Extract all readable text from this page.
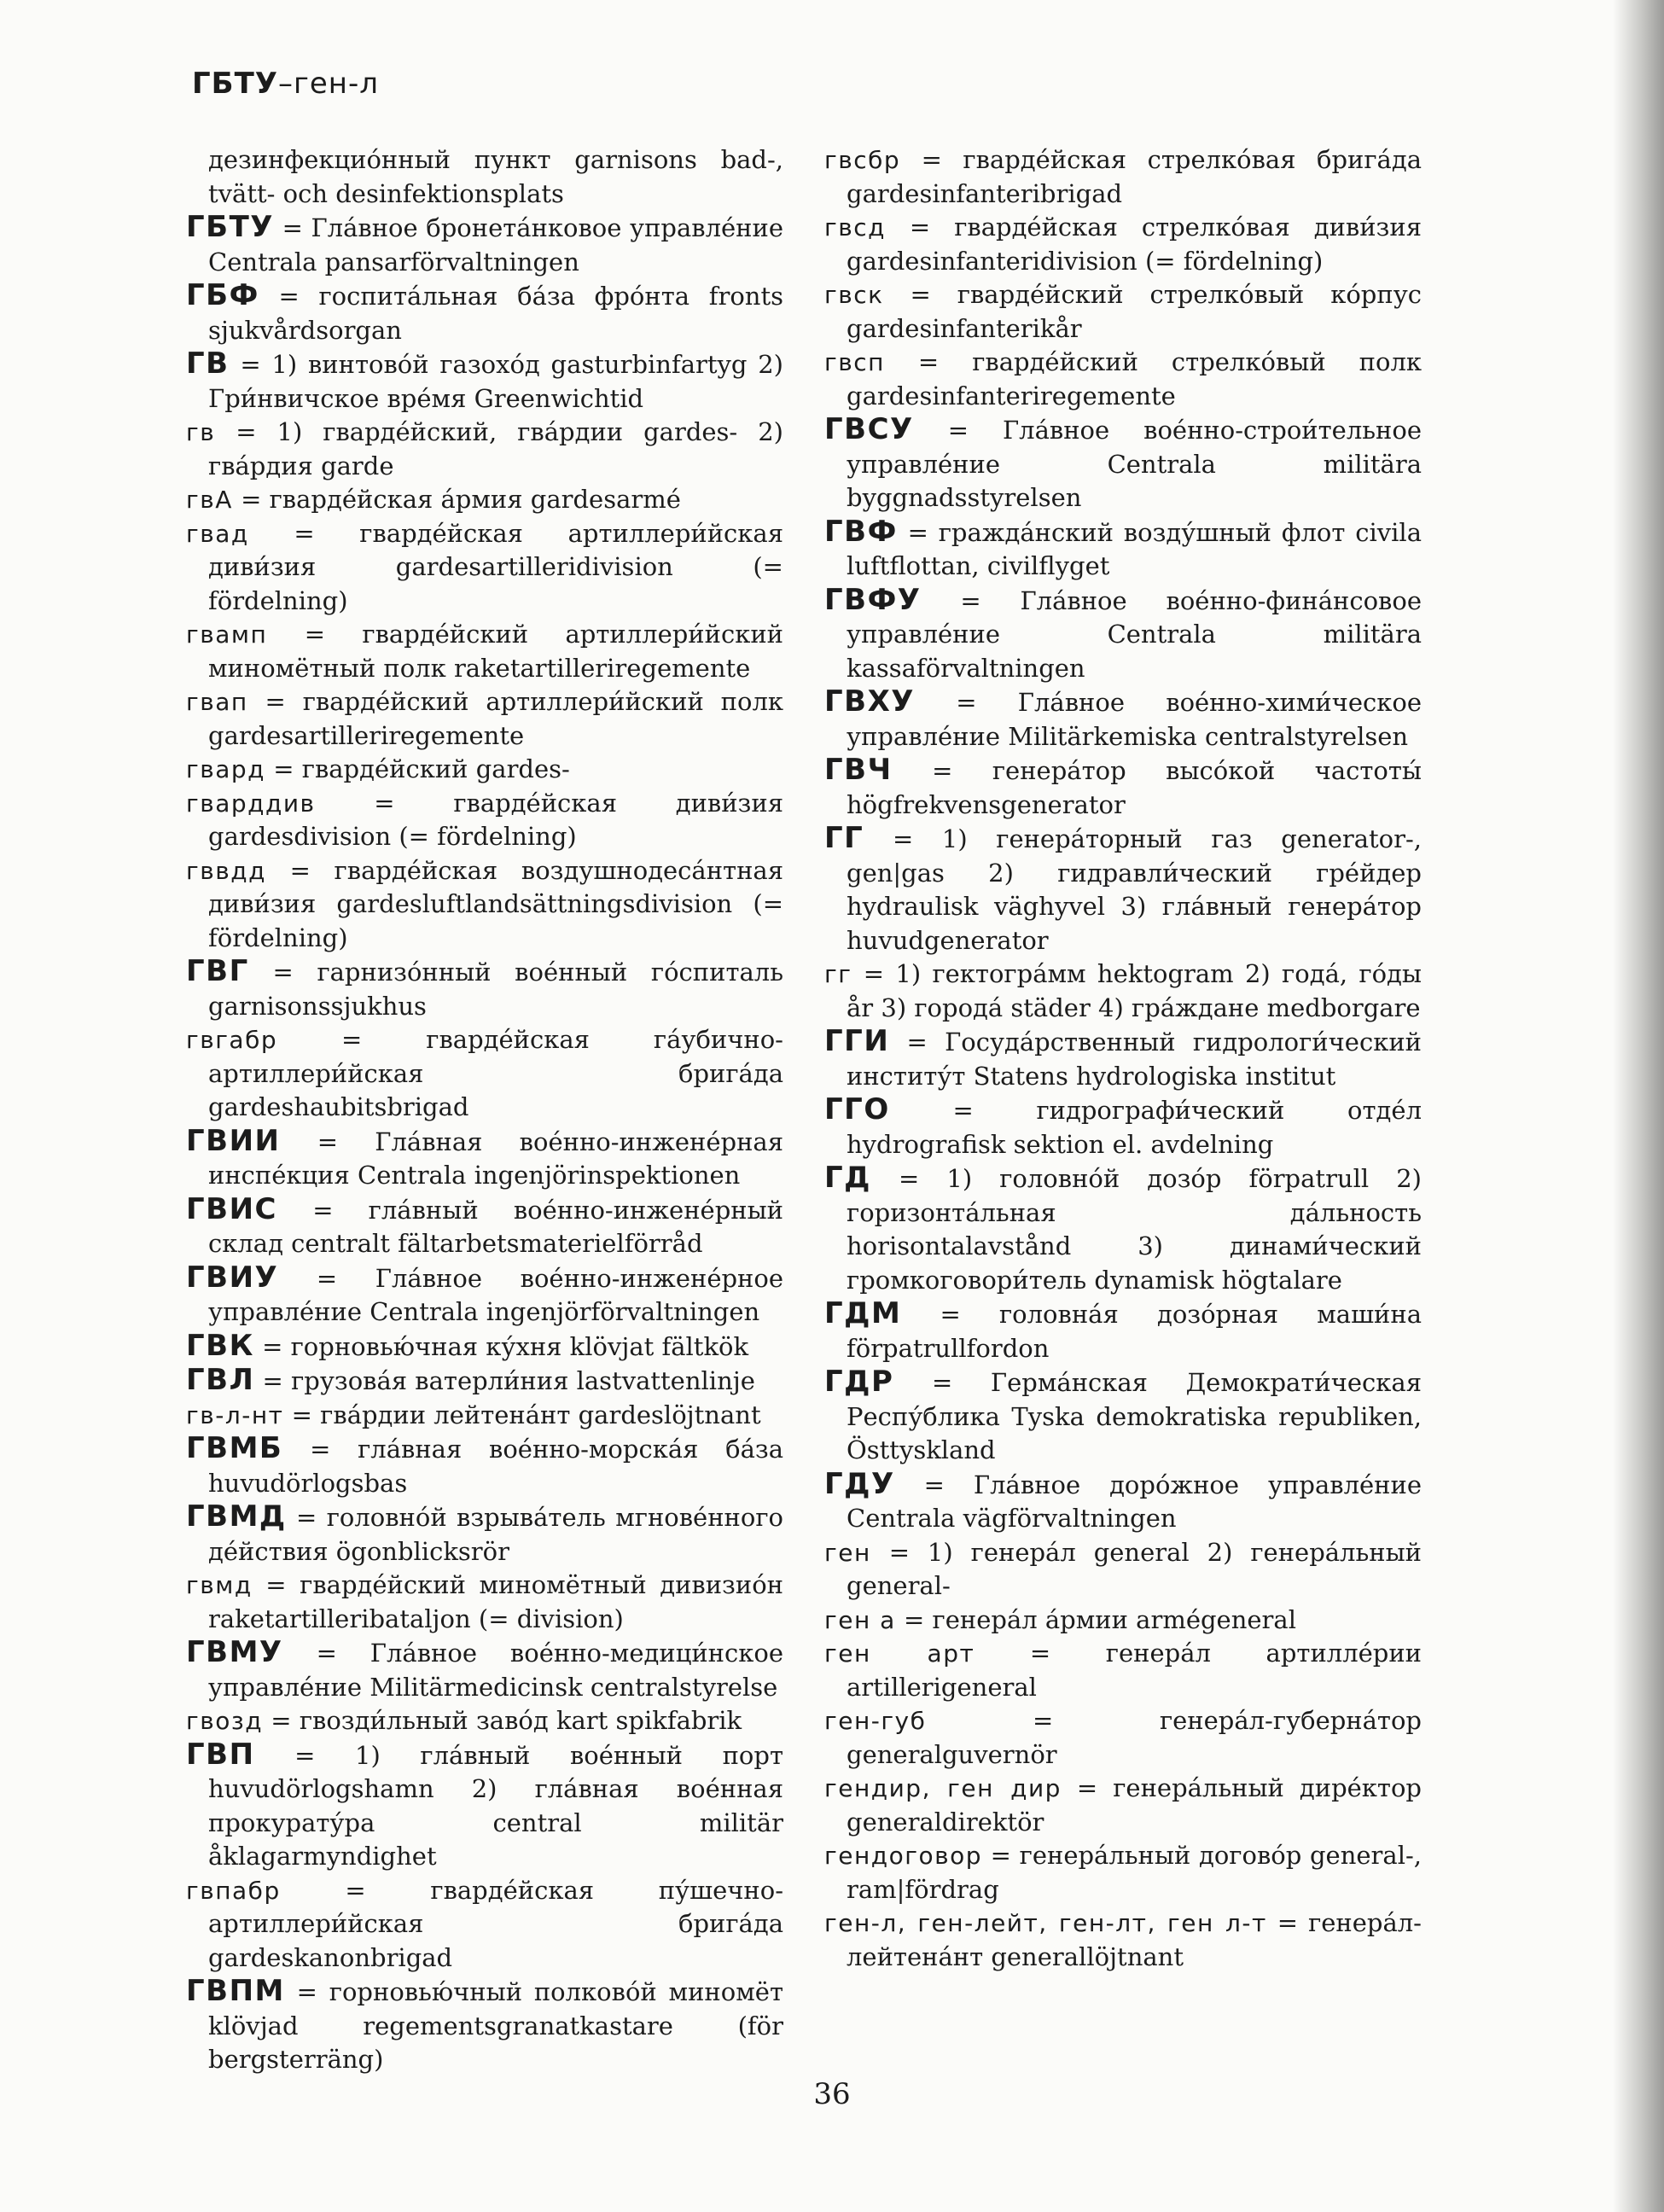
ГБТУ–ген-л
дезинфекцио́нный пункт garnisons bad-, tvätt- och desinfektionsplats
ГБТУ = Гла́вное бронета́нковое управле́ние Centrala pansarförvaltningen
ГБФ = госпита́льная ба́за фро́нта fronts sjukvårdsorgan
ГВ = 1) винтово́й газохо́д gasturbinfartyg 2) Гри́нвичское вре́мя Greenwichtid
гв = 1) гварде́йский, гва́рдии gardes- 2) гва́рдия garde
гвА = гварде́йская а́рмия gardesarmé
гвад = гварде́йская артиллери́йская диви́зия gardesartilleridivision (= fördelning)
гвамп = гварде́йский артиллери́йский миномётный полк raketartilleriregemente
гвап = гварде́йский артиллери́йский полк gardesartilleriregemente
гвард = гварде́йский gardes-
гварддив = гварде́йская диви́зия gardesdivision (= fördelning)
гввдд = гварде́йская воздушнодеса́нтная диви́зия gardesluftlandsättningsdivision (= fördelning)
ГВГ = гарнизо́нный вое́нный го́спиталь garnisonssjukhus
гвгабр = гварде́йская га́убично-артиллери́йская брига́да gardeshaubitsbrigad
ГВИИ = Гла́вная вое́нно-инжене́рная инспе́кция Centrala ingenjörinspektionen
ГВИС = гла́вный вое́нно-инжене́рный склад centralt fältarbetsmaterielförråd
ГВИУ = Гла́вное вое́нно-инжене́рное управле́ние Centrala ingenjörförvaltningen
ГВК = горновью́чная ку́хня klövjat fältkök
ГВЛ = грузова́я ватерли́ния lastvattenlinje
гв-л-нт = гва́рдии лейтена́нт gardeslöjtnant
ГВМБ = гла́вная вое́нно-морска́я ба́за huvudörlogsbas
ГВМД = головно́й взрыва́тель мгнове́нного де́йствия ögonblicksrör
гвмд = гварде́йский миномётный дивизио́н raketartilleribataljon (= division)
ГВМУ = Гла́вное вое́нно-медици́нское управле́ние Militärmedicinsk centralstyrelse
гвозд = гвозди́льный заво́д kart spikfabrik
ГВП = 1) гла́вный вое́нный порт huvudörlogshamn 2) гла́вная вое́нная прокурату́ра central militär åklagarmyndighet
гвпабр = гварде́йская пу́шечно-артиллери́йская брига́да gardeskanonbrigad
ГВПМ = горновью́чный полково́й миномёт klövjad regementsgranatkastare (för bergsterräng)
гвсбр = гварде́йская стрелко́вая брига́да gardesinfanteribrigad
гвсд = гварде́йская стрелко́вая диви́зия gardesinfanteridivision (= fördelning)
гвск = гварде́йский стрелко́вый ко́рпус gardesinfanterikår
гвсп = гварде́йский стрелко́вый полк gardesinfanteriregemente
ГВСУ = Гла́вное вое́нно-строи́тельное управле́ние Centrala militära byggnadsstyrelsen
ГВФ = гражда́нский возду́шный флот civila luftflottan, civilflyget
ГВФУ = Гла́вное вое́нно-фина́нсовое управле́ние Centrala militära kassaförvaltningen
ГВХУ = Гла́вное вое́нно-хими́ческое управле́ние Militärkemiska centralstyrelsen
ГВЧ = генера́тор высо́кой частоты́ högfrekvensgenerator
ГГ = 1) генера́торный газ generator-, gen|gas 2) гидравли́ческий гре́йдер hydraulisk väghyvel 3) гла́вный генера́тор huvudgenerator
гг = 1) гектогра́мм hektogram 2) года́, го́ды år 3) города́ städer 4) гра́ждане medborgare
ГГИ = Госуда́рственный гидрологи́ческий институ́т Statens hydrologiska institut
ГГО = гидрографи́ческий отде́л hydrografisk sektion el. avdelning
ГД = 1) головно́й дозо́р förpatrull 2) горизонта́льная да́льность horisontalavstånd 3) динами́ческий громкоговори́тель dynamisk högtalare
ГДМ = головна́я дозо́рная маши́на förpatrullfordon
ГДР = Герма́нская Демократи́ческая Респу́блика Tyska demokratiska republiken, Östtyskland
ГДУ = Гла́вное доро́жное управле́ние Centrala vägförvaltningen
ген = 1) генера́л general 2) генера́льный general-
ген а = генера́л а́рмии armégeneral
ген арт = генера́л артилле́рии artillerigeneral
ген-губ = генера́л-губерна́тор generalguvernör
гендир, ген дир = генера́льный дире́ктор generaldirektör
гендоговор = генера́льный догово́р general-, ram|fördrag
ген-л, ген-лейт, ген-лт, ген л-т = генера́л-лейтена́нт generallöjtnant
36
